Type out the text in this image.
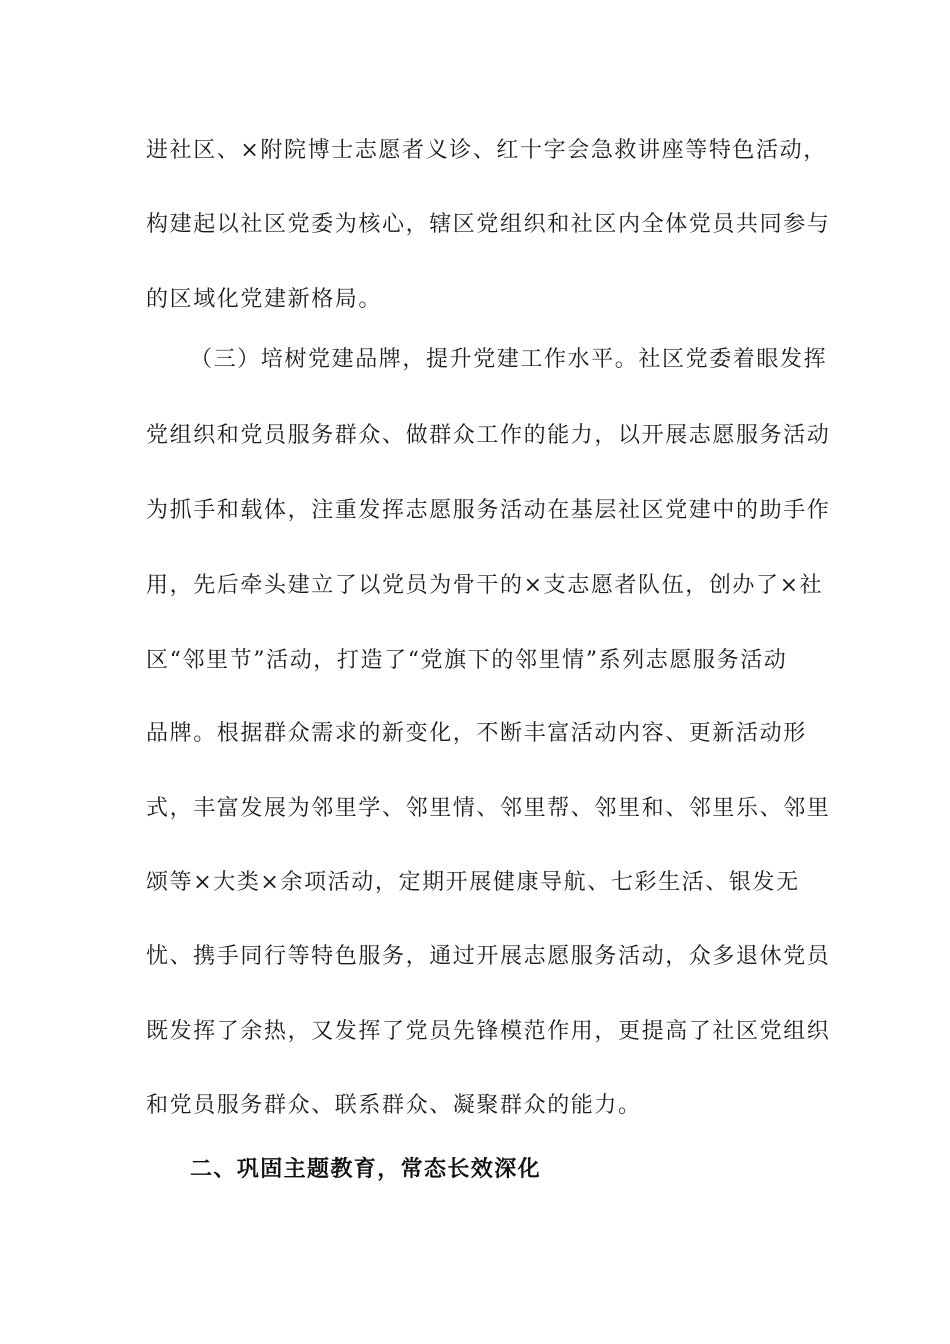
进社区、×附院博士志愿者义诊、红十字会急救讲座等特色活动，
构建起以社区党委为核心，辖区党组织和社区内全体党员共同参与
的区域化党建新格局。
（三）培树党建品牌，提升党建工作水平。社区党委着眼发挥
党组织和党员服务群众、做群众工作的能力，以开展志愿服务活动
为抓手和载体，注重发挥志愿服务活动在基层社区党建中的助手作
用，先后牵头建立了以党员为骨干的×支志愿者队伍，创办了×社
区“邻里节”活动，打造了“党旗下的邻里情”系列志愿服务活动
品牌。根据群众需求的新变化，不断丰富活动内容、更新活动形
式，丰富发展为邻里学、邻里情、邻里帮、邻里和、邻里乐、邻里
颂等×大类×余项活动，定期开展健康导航、七彩生活、银发无
忧、携手同行等特色服务，通过开展志愿服务活动，众多退休党员
既发挥了余热，又发挥了党员先锋模范作用，更提高了社区党组织
和党员服务群众、联系群众、凝聚群众的能力。
二、巩固主题教育，常态长效深化
